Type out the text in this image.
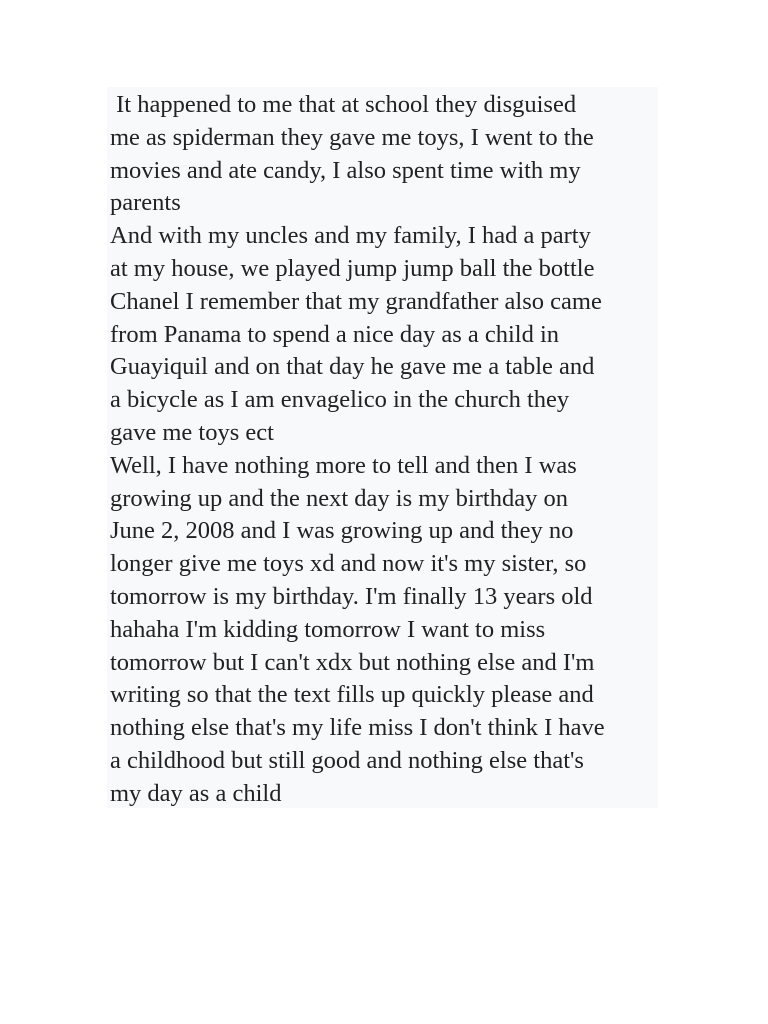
It happened to me that at school they disguised

me as spiderman they gave me toys, I went to the

movies and ate candy, I also spent time with my

parents

And with my uncles and my family, I had a party

at my house, we played jump jump ball the bottle

Chanel I remember that my grandfather also came

from Panama to spend a nice day as a child in

Guayiquil and on that day he gave me a table and

a bicycle as I am envagelico in the church they

gave me toys ect

Well, I have nothing more to tell and then I was

growing up and the next day is my birthday on

June 2, 2008 and I was growing up and they no

longer give me toys xd and now it's my sister, so

tomorrow is my birthday. I'm finally 13 years old

hahaha I'm kidding tomorrow I want to miss

tomorrow but I can't xdx but nothing else and I'm

writing so that the text fills up quickly please and

nothing else that's my life miss I don't think I have

a childhood but still good and nothing else that's

my day as a child
